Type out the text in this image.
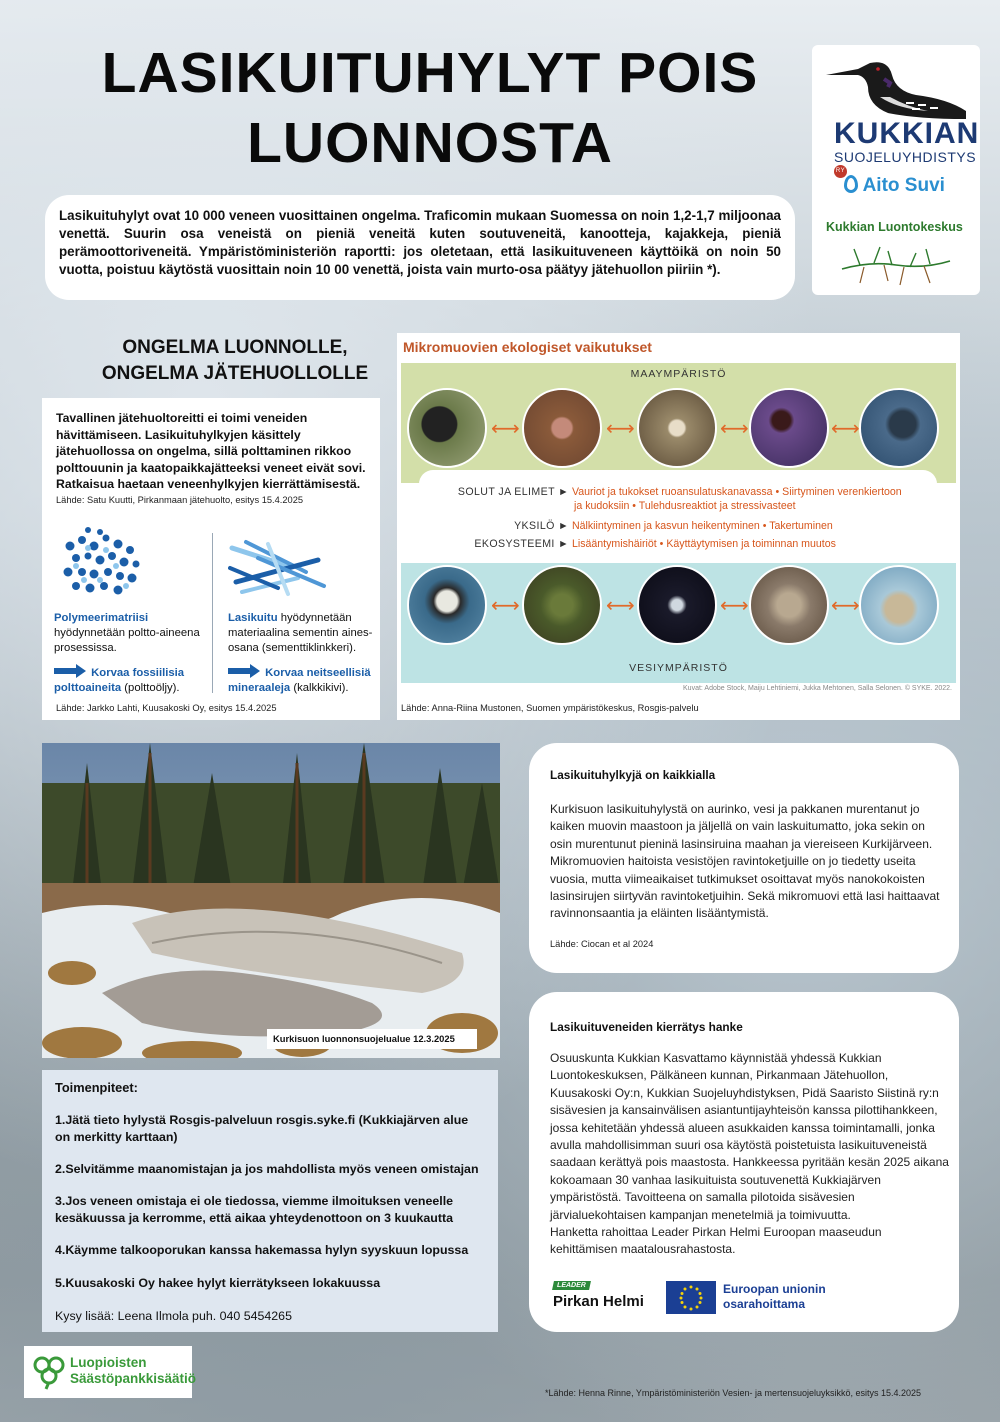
LASIKUITUHYLYT POIS LUONNOSTA
Lasikuituhylyt ovat 10 000 veneen vuosittainen ongelma. Traficomin mukaan Suomessa on noin 1,2-1,7 miljoonaa venettä. Suurin osa veneistä on pieniä veneitä kuten soutuveneitä, kanootteja, kajakkeja, pieniä perämoottoriveneitä. Ympäristöministeriön raportti: jos oletetaan, että lasikuituveneen käyttöikä on noin 50 vuotta, poistuu käytöstä vuosittain noin 10 00 venettä, joista vain murto-osa päätyy jätehuollon piiriin *).
KUKKIAN
SUOJELUYHDISTYS RY
Aito Suvi
Kukkian Luontokeskus
ONGELMA LUONNOLLE,
ONGELMA JÄTEHUOLLOLLE
Tavallinen jätehuoltoreitti ei toimi veneiden hävittämiseen. Lasikuituhylkyjen käsittely jätehuollossa on ongelma, sillä polttaminen rikkoo polttouunin ja kaatopaikkajätteeksi veneet eivät sovi. Ratkaisua haetaan veneenhylkyjen kierrättämisestä.
Lähde: Satu Kuutti, Pirkanmaan jätehuolto, esitys 15.4.2025
Polymeerimatriisi
hyödynnetään poltto-aineena prosessissa.
Korvaa fossiilisia polttoaineita (polttoöljy).
Lasikuitu hyödynnetään materiaalina sementin aines-osana (sementtiklinkkeri).
Korvaa neitseellisiä mineraaleja (kalkkikivi).
Lähde: Jarkko Lahti, Kuusakoski Oy, esitys 15.4.2025
Mikromuovien ekologiset vaikutukset
MAAYMPÄRISTÖ
VESIYMPÄRISTÖ
⟷	⟷	⟷	⟷
SOLUT JA ELIMET ► Vauriot ja tukokset ruoansulatuskanavassa • Siirtyminen verenkiertoon
ja kudoksiin • Tulehdusreaktiot ja stressivasteet
YKSILÖ ► Nälkiintyminen ja kasvun heikentyminen • Takertuminen
EKOSYSTEEMI ► Lisääntymishäiriöt • Käyttäytymisen ja toiminnan muutos
⟷	⟷	⟷	⟷
Kuvat: Adobe Stock, Maiju Lehtiniemi, Jukka Mehtonen, Salla Selonen. © SYKE. 2022.
Lähde: Anna-Riina Mustonen, Suomen ympäristökeskus, Rosgis-palvelu
Kurkisuon luonnonsuojelualue 12.3.2025
Lasikuituhylkyjä on kaikkialla
Kurkisuon lasikuituhylystä on aurinko, vesi ja pakkanen murentanut jo kaiken muovin maastoon ja jäljellä on vain laskuitumatto, joka sekin on osin murentunut pieninä lasinsiruina maahan ja viereiseen Kurkijärveen. Mikromuovien haitoista vesistöjen ravintoketjuille on jo tiedetty useita vuosia, mutta viimeaikaiset tutkimukset osoittavat myös nanokokoisten lasinsirujen siirtyvän ravintoketjuihin. Sekä mikromuovi että lasi haittaavat ravinnonsaantia ja eläinten lisääntymistä.
Lähde: Ciocan et al 2024
Lasikuituveneiden kierrätys hanke
Osuuskunta Kukkian Kasvattamo käynnistää yhdessä Kukkian Luontokeskuksen, Pälkäneen kunnan, Pirkanmaan Jätehuollon, Kuusakoski Oy:n, Kukkian Suojeluyhdistyksen, Pidä Saaristo Siistinä ry:n sisävesien ja kansainvälisen asiantuntijayhteisön kanssa pilottihankkeen, jossa kehitetään yhdessä alueen asukkaiden kanssa toimintamalli, jonka avulla mahdollisimman suuri osa käytöstä poistetuista lasikuituveneistä saadaan kerättyä pois maastosta. Hankkeessa pyritään kesän 2025 aikana kokoamaan 30 vanhaa lasikuituista soutuvenettä Kukkiajärven ympäristöstä. Tavoitteena on samalla pilotoida sisävesien järvialuekohtaisen kampanjan menetelmiä ja toimivuutta.
Hanketta rahoittaa Leader Pirkan Helmi Euroopan maaseudun kehittämisen maatalousrahastosta.
LEADER
Pirkan Helmi
Euroopan unionin
osarahoittama
Toimenpiteet:
1.Jätä tieto hylystä Rosgis-palveluun rosgis.syke.fi (Kukkiajärven alue on merkitty karttaan)
2.Selvitämme maanomistajan ja jos mahdollista myös veneen omistajan
3.Jos veneen omistaja ei ole tiedossa, viemme ilmoituksen veneelle kesäkuussa ja kerromme, että aikaa yhteydenottoon on 3 kuukautta
4.Käymme talkooporukan kanssa hakemassa hylyn syyskuun lopussa
5.Kuusakoski Oy hakee hylyt kierrätykseen lokakuussa
Kysy lisää: Leena Ilmola puh. 040 5454265
Luopioisten
Säästöpankkisäätiö
*Lähde: Henna Rinne, Ympäristöministeriön Vesien- ja mertensuojeluyksikkö, esitys 15.4.2025
